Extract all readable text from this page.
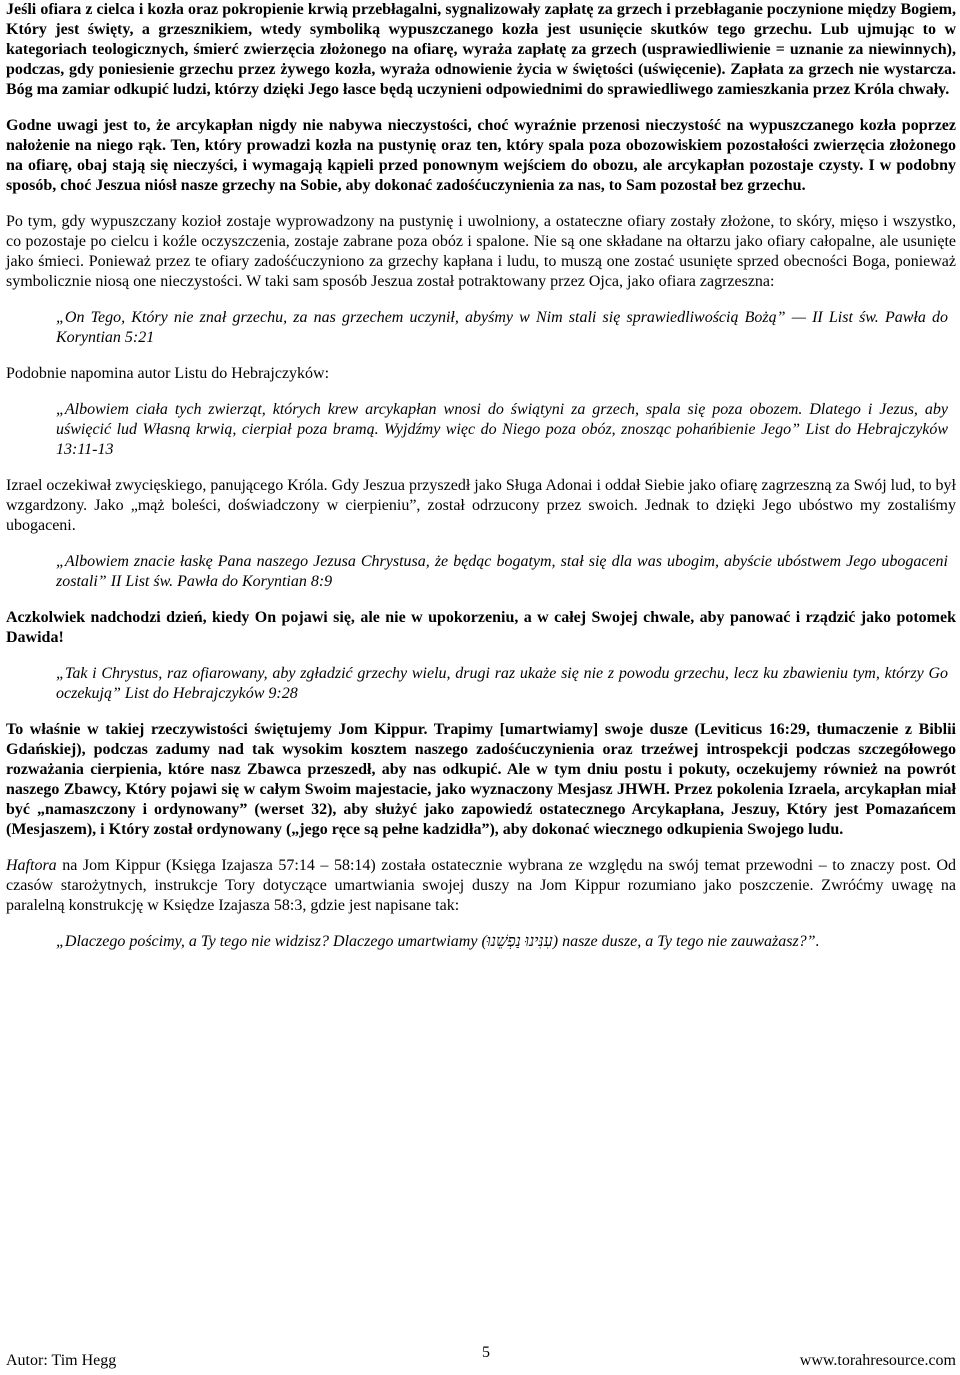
Jeśli ofiara z cielca i kozła oraz pokropienie krwią przebłagalni, sygnalizowały zapłatę za grzech i przebłaganie poczynione między Bogiem, Który jest święty, a grzesznikiem, wtedy symboliką wypuszczanego kozła jest usunięcie skutków tego grzechu. Lub ujmując to w kategoriach teologicznych, śmierć zwierzęcia złożonego na ofiarę, wyraża zapłatę za grzech (usprawiedliwienie = uznanie za niewinnych), podczas, gdy poniesienie grzechu przez żywego kozła, wyraża odnowienie życia w świętości (uświęcenie). Zapłata za grzech nie wystarcza. Bóg ma zamiar odkupić ludzi, którzy dzięki Jego łasce będą uczynieni odpowiednimi do sprawiedliwego zamieszkania przez Króla chwały.

Godne uwagi jest to, że arcykapłan nigdy nie nabywa nieczystości, choć wyraźnie przenosi nieczystość na wypuszczanego kozła poprzez nałożenie na niego rąk. Ten, który prowadzi kozła na pustynię oraz ten, który spala poza obozowiskiem pozostałości zwierzęcia złożonego na ofiarę, obaj stają się nieczyści, i wymagają kąpieli przed ponownym wejściem do obozu, ale arcykapłan pozostaje czysty. I w podobny sposób, choć Jeszua niósł nasze grzechy na Sobie, aby dokonać zadośćuczynienia za nas, to Sam pozostał bez grzechu.

Po tym, gdy wypuszczany kozioł zostaje wyprowadzony na pustynię i uwolniony, a ostateczne ofiary zostały złożone, to skóry, mięso i wszystko, co pozostaje po cielcu i koźle oczyszczenia, zostaje zabrane poza obóz i spalone. Nie są one składane na ołtarzu jako ofiary całopalne, ale usunięte jako śmieci. Ponieważ przez te ofiary zadośćuczyniono za grzechy kapłana i ludu, to muszą one zostać usunięte sprzed obecności Boga, ponieważ symbolicznie niosą one nieczystości. W taki sam sposób Jeszua został potraktowany przez Ojca, jako ofiara zagrzeszna:

„On Tego, Który nie znał grzechu, za nas grzechem uczynił, abyśmy w Nim stali się sprawiedliwością Bożą” — II List św. Pawła do Koryntian 5:21

Podobnie napomina autor Listu do Hebrajczyków:

„Albowiem ciała tych zwierząt, których krew arcykapłan wnosi do świątyni za grzech, spala się poza obozem. Dlatego i Jezus, aby uświęcić lud Własną krwią, cierpiał poza bramą. Wyjdźmy więc do Niego poza obóz, znosząc pohańbienie Jego” List do Hebrajczyków 13:11-13

Izrael oczekiwał zwycięskiego, panującego Króla. Gdy Jeszua przyszedł jako Sługa Adonai i oddał Siebie jako ofiarę zagrzeszną za Swój lud, to był wzgardzony. Jako „mąż boleści, doświadczony w cierpieniu”, został odrzucony przez swoich. Jednak to dzięki Jego ubóstwo my zostaliśmy ubogaceni.

„Albowiem znacie łaskę Pana naszego Jezusa Chrystusa, że będąc bogatym, stał się dla was ubogim, abyście ubóstwem Jego ubogaceni zostali” II List św. Pawła do Koryntian 8:9

Aczkolwiek nadchodzi dzień, kiedy On pojawi się, ale nie w upokorzeniu, a w całej Swojej chwale, aby panować i rządzić jako potomek Dawida!

„Tak i Chrystus, raz ofiarowany, aby zgładzić grzechy wielu, drugi raz ukaże się nie z powodu grzechu, lecz ku zbawieniu tym, którzy Go oczekują” List do Hebrajczyków 9:28

To właśnie w takiej rzeczywistości świętujemy Jom Kippur. Trapimy [umartwiamy] swoje dusze (Leviticus 16:29, tłumaczenie z Biblii Gdańskiej), podczas zadumy nad tak wysokim kosztem naszego zadośćuczynienia oraz trzeźwej introspekcji podczas szczegółowego rozważania cierpienia, które nasz Zbawca przeszedł, aby nas odkupić. Ale w tym dniu postu i pokuty, oczekujemy również na powrót naszego Zbawcy, Który pojawi się w całym Swoim majestacie, jako wyznaczony Mesjasz JHWH. Przez pokolenia Izraela, arcykapłan miał być „namaszczony i ordynowany” (werset 32), aby służyć jako zapowiedź ostatecznego Arcykapłana, Jeszuy, Który jest Pomazańcem (Mesjaszem), i Który został ordynowany („jego ręce są pełne kadzidła”), aby dokonać wiecznego odkupienia Swojego ludu.

Haftora na Jom Kippur (Księga Izajasza 57:14 – 58:14) została ostatecznie wybrana ze względu na swój temat przewodni – to znaczy post. Od czasów starożytnych, instrukcje Tory dotyczące umartwiania swojej duszy na Jom Kippur rozumiano jako poszczenie. Zwróćmy uwagę na paralelną konstrukcję w Księdze Izajasza 58:3, gdzie jest napisane tak:

„Dlaczego pościmy, a Ty tego nie widzisz? Dlaczego umartwiamy (עִנִּינוּ נַפְשֵׁנוּ) nasze dusze, a Ty tego nie zauważasz?”.

Autor: Tim Hegg	5	www.torahresource.com
